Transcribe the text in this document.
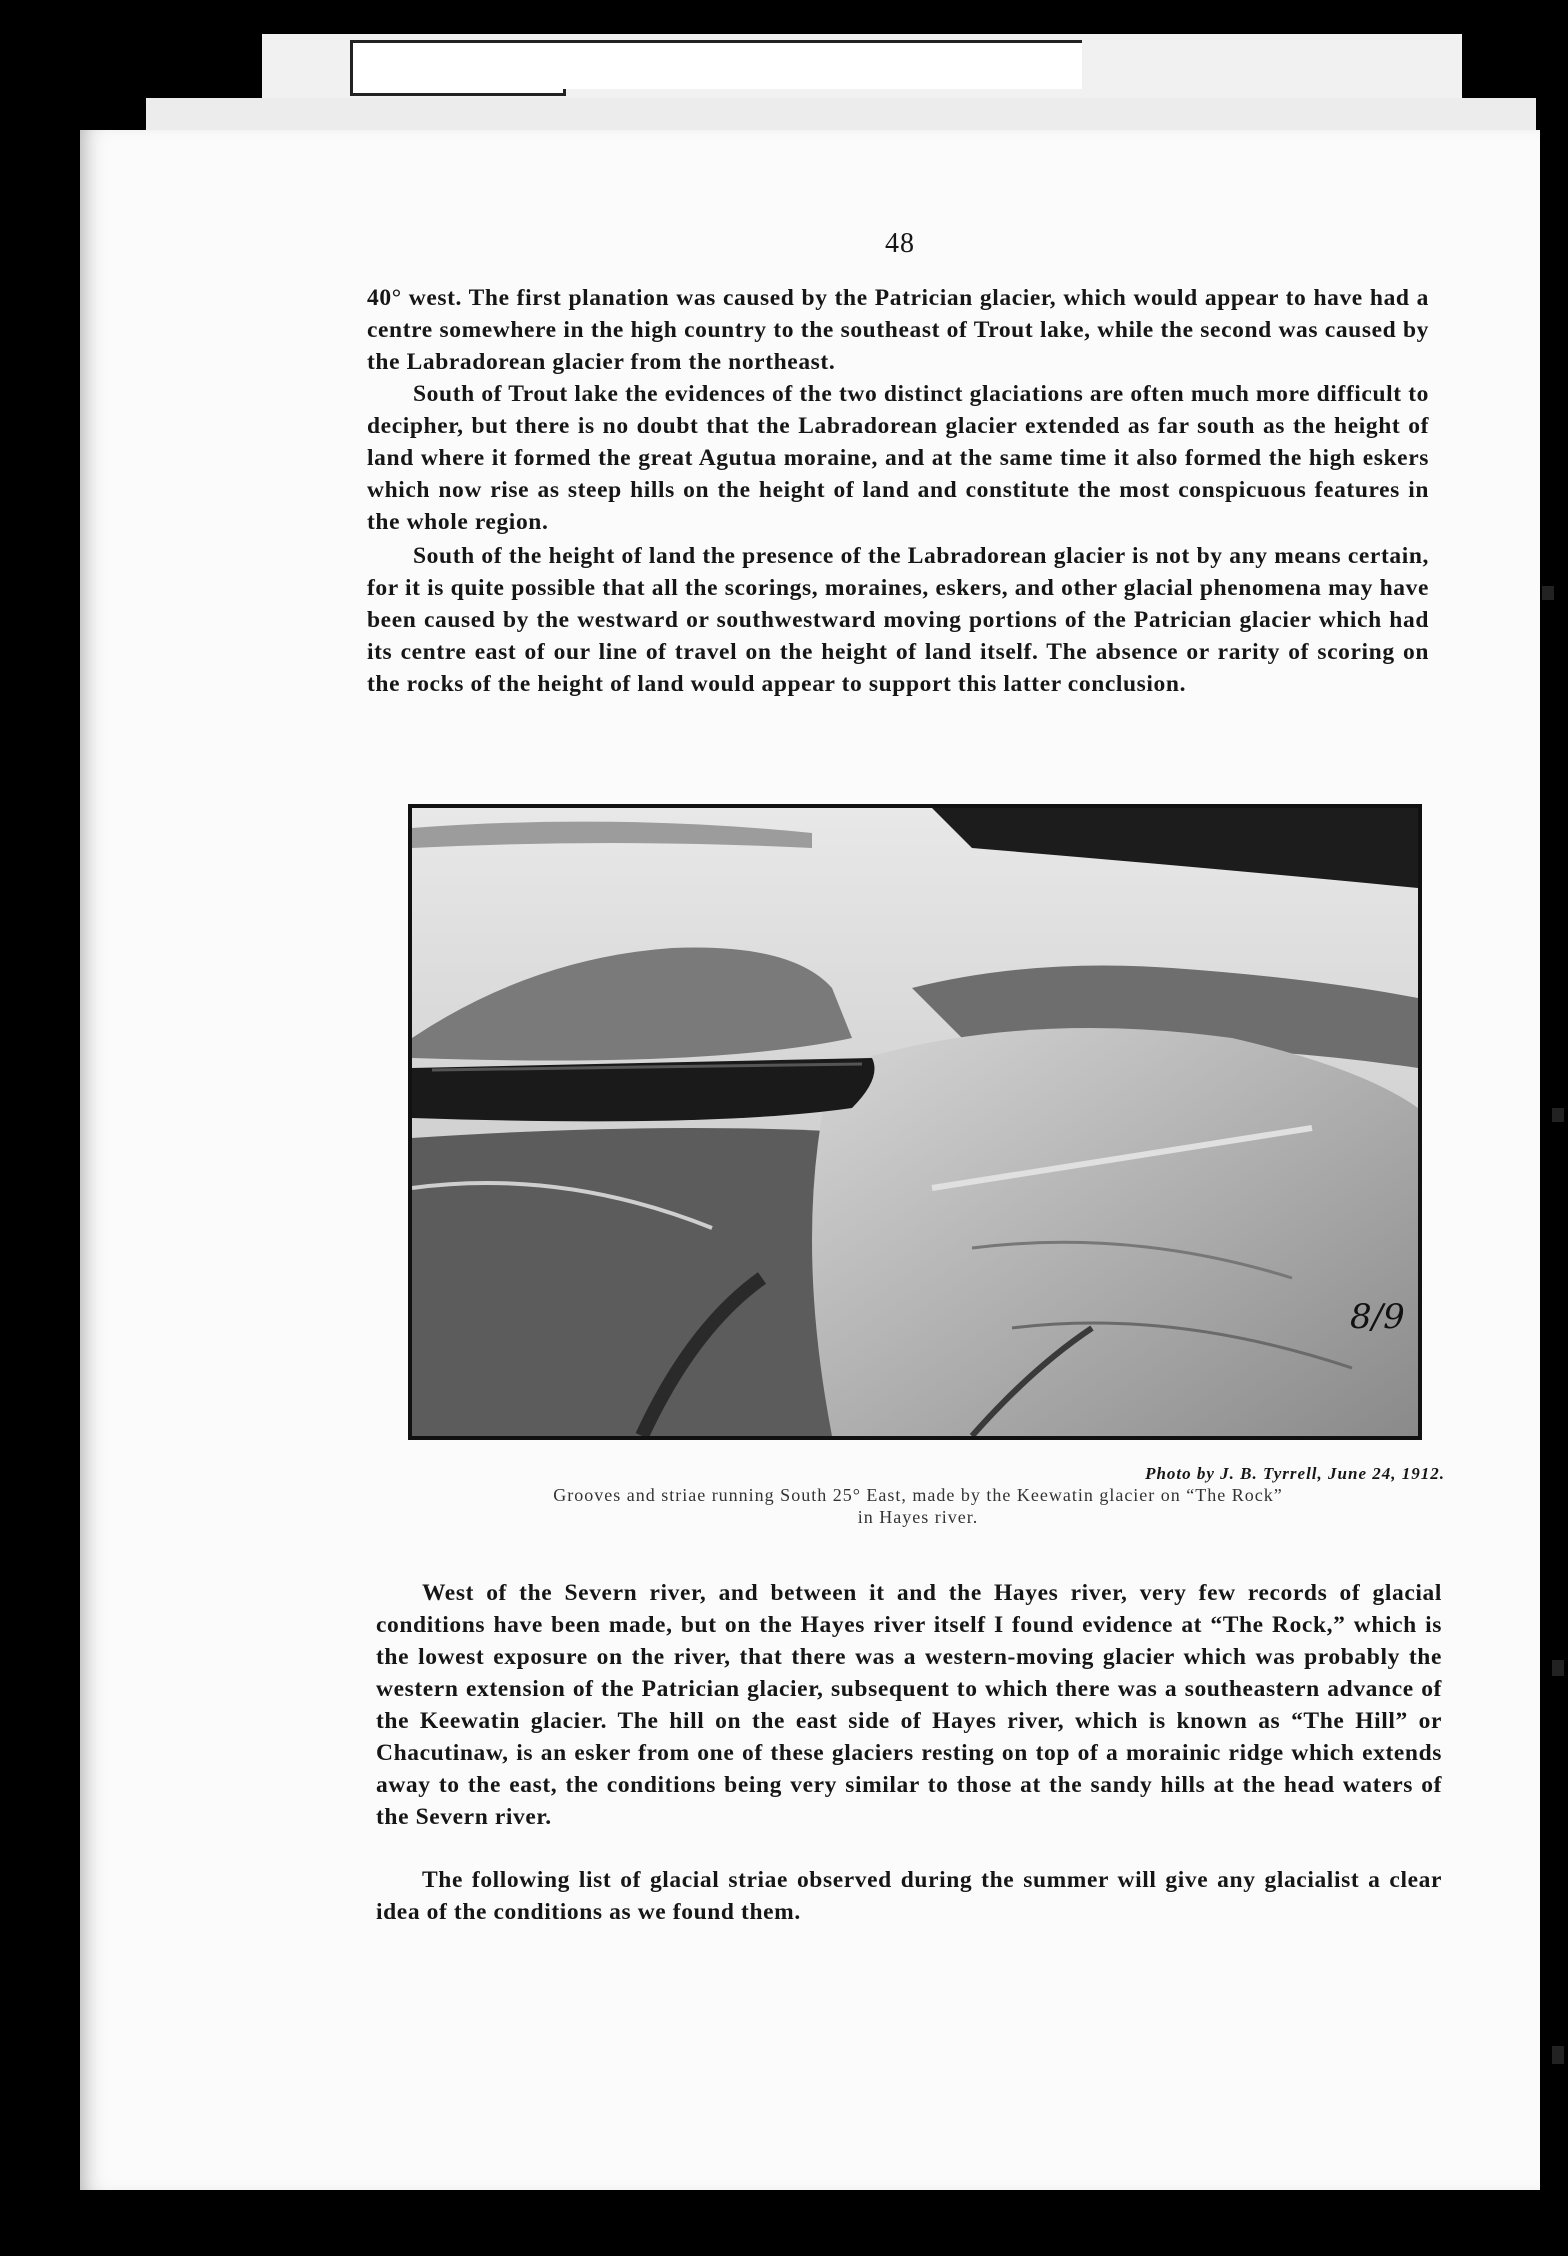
48

40° west. The first planation was caused by the Patrician glacier, which would appear to have had a centre somewhere in the high country to the southeast of Trout lake, while the second was caused by the Labradorean glacier from the northeast.

South of Trout lake the evidences of the two distinct glaciations are often much more difficult to decipher, but there is no doubt that the Labradorean glacier extended as far south as the height of land where it formed the great Agutua moraine, and at the same time it also formed the high eskers which now rise as steep hills on the height of land and constitute the most conspicuous features in the whole region.

South of the height of land the presence of the Labradorean glacier is not by any means certain, for it is quite possible that all the scorings, moraines, eskers, and other glacial phenomena may have been caused by the westward or southwestward moving portions of the Patrician glacier which had its centre east of our line of travel on the height of land itself. The absence or rarity of scoring on the rocks of the height of land would appear to support this latter conclusion.

8/9
Photo by J. B. Tyrrell, June 24, 1912.
Grooves and striae running South 25° East, made by the Keewatin glacier on “The Rock”
in Hayes river.

West of the Severn river, and between it and the Hayes river, very few records of glacial conditions have been made, but on the Hayes river itself I found evidence at “The Rock,” which is the lowest exposure on the river, that there was a western-moving glacier which was probably the western extension of the Patrician glacier, subsequent to which there was a southeastern advance of the Keewatin glacier. The hill on the east side of Hayes river, which is known as “The Hill” or Chacutinaw, is an esker from one of these glaciers resting on top of a morainic ridge which extends away to the east, the conditions being very similar to those at the sandy hills at the head waters of the Severn river.

The following list of glacial striae observed during the summer will give any glacialist a clear idea of the conditions as we found them.
